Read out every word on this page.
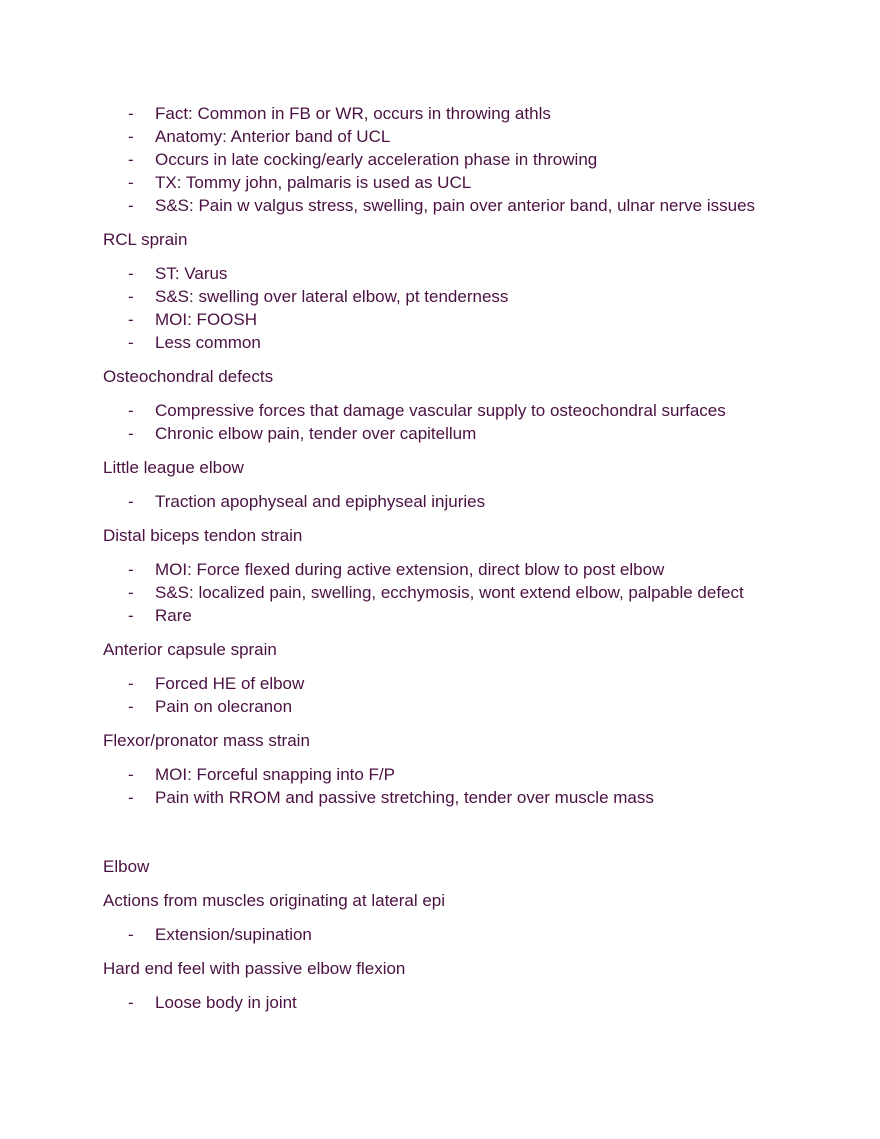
- Fact: Common in FB or WR, occurs in throwing athls
- Anatomy: Anterior band of UCL
- Occurs in late cocking/early acceleration phase in throwing
- TX: Tommy john, palmaris is used as UCL
- S&S: Pain w valgus stress, swelling, pain over anterior band, ulnar nerve issues
RCL sprain
- ST: Varus
- S&S: swelling over lateral elbow, pt tenderness
- MOI: FOOSH
- Less common
Osteochondral defects
- Compressive forces that damage vascular supply to osteochondral surfaces
- Chronic elbow pain, tender over capitellum
Little league elbow
- Traction apophyseal and epiphyseal injuries
Distal biceps tendon strain
- MOI: Force flexed during active extension, direct blow to post elbow
- S&S: localized pain, swelling, ecchymosis, wont extend elbow, palpable defect
- Rare
Anterior capsule sprain
- Forced HE of elbow
- Pain on olecranon
Flexor/pronator mass strain
- MOI: Forceful snapping into F/P
- Pain with RROM and passive stretching, tender over muscle mass
Elbow
Actions from muscles originating at lateral epi
- Extension/supination
Hard end feel with passive elbow flexion
- Loose body in joint
